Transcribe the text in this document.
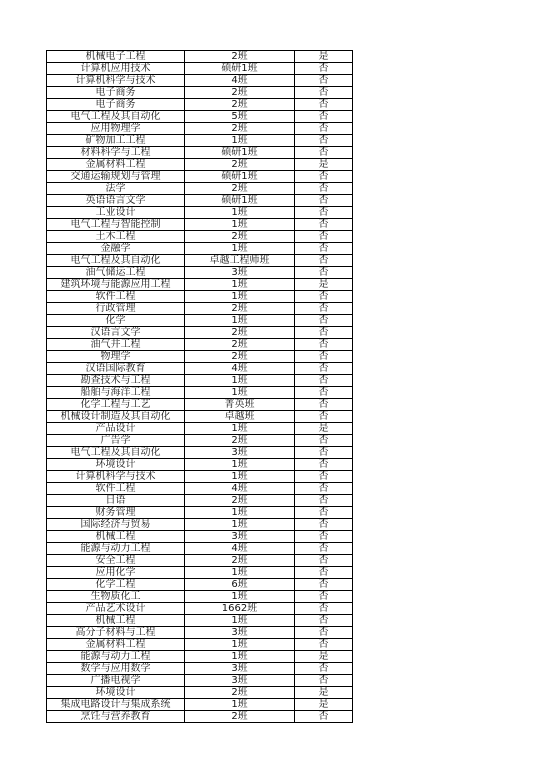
机械电子工程	2班	是
计算机应用技术	硕研1班	否
计算机科学与技术	4班	否
电子商务	2班	否
电子商务	2班	否
电气工程及其自动化	5班	否
应用物理学	2班	否
矿物加工工程	1班	否
材料科学与工程	硕研1班	否
金属材料工程	2班	是
交通运输规划与管理	硕研1班	否
法学	2班	否
英语语言文学	硕研1班	否
工业设计	1班	否
电气工程与智能控制	1班	否
土木工程	2班	否
金融学	1班	否
电气工程及其自动化	卓越工程师班	否
油气储运工程	3班	否
建筑环境与能源应用工程	1班	是
软件工程	1班	否
行政管理	2班	否
化学	1班	否
汉语言文学	2班	否
油气井工程	2班	否
物理学	2班	否
汉语国际教育	4班	否
勘查技术与工程	1班	否
船舶与海洋工程	1班	否
化学工程与工艺	菁英班	否
机械设计制造及其自动化	卓越班	否
产品设计	1班	是
广告学	2班	否
电气工程及其自动化	3班	否
环境设计	1班	否
计算机科学与技术	1班	否
软件工程	4班	否
日语	2班	否
财务管理	1班	否
国际经济与贸易	1班	否
机械工程	3班	否
能源与动力工程	4班	否
安全工程	2班	否
应用化学	1班	否
化学工程	6班	否
生物质化工	1班	否
产品艺术设计	1662班	否
机械工程	1班	否
高分子材料与工程	3班	否
金属材料工程	1班	否
能源与动力工程	1班	是
数学与应用数学	3班	否
广播电视学	3班	否
环境设计	2班	是
集成电路设计与集成系统	1班	是
烹饪与营养教育	2班	否
